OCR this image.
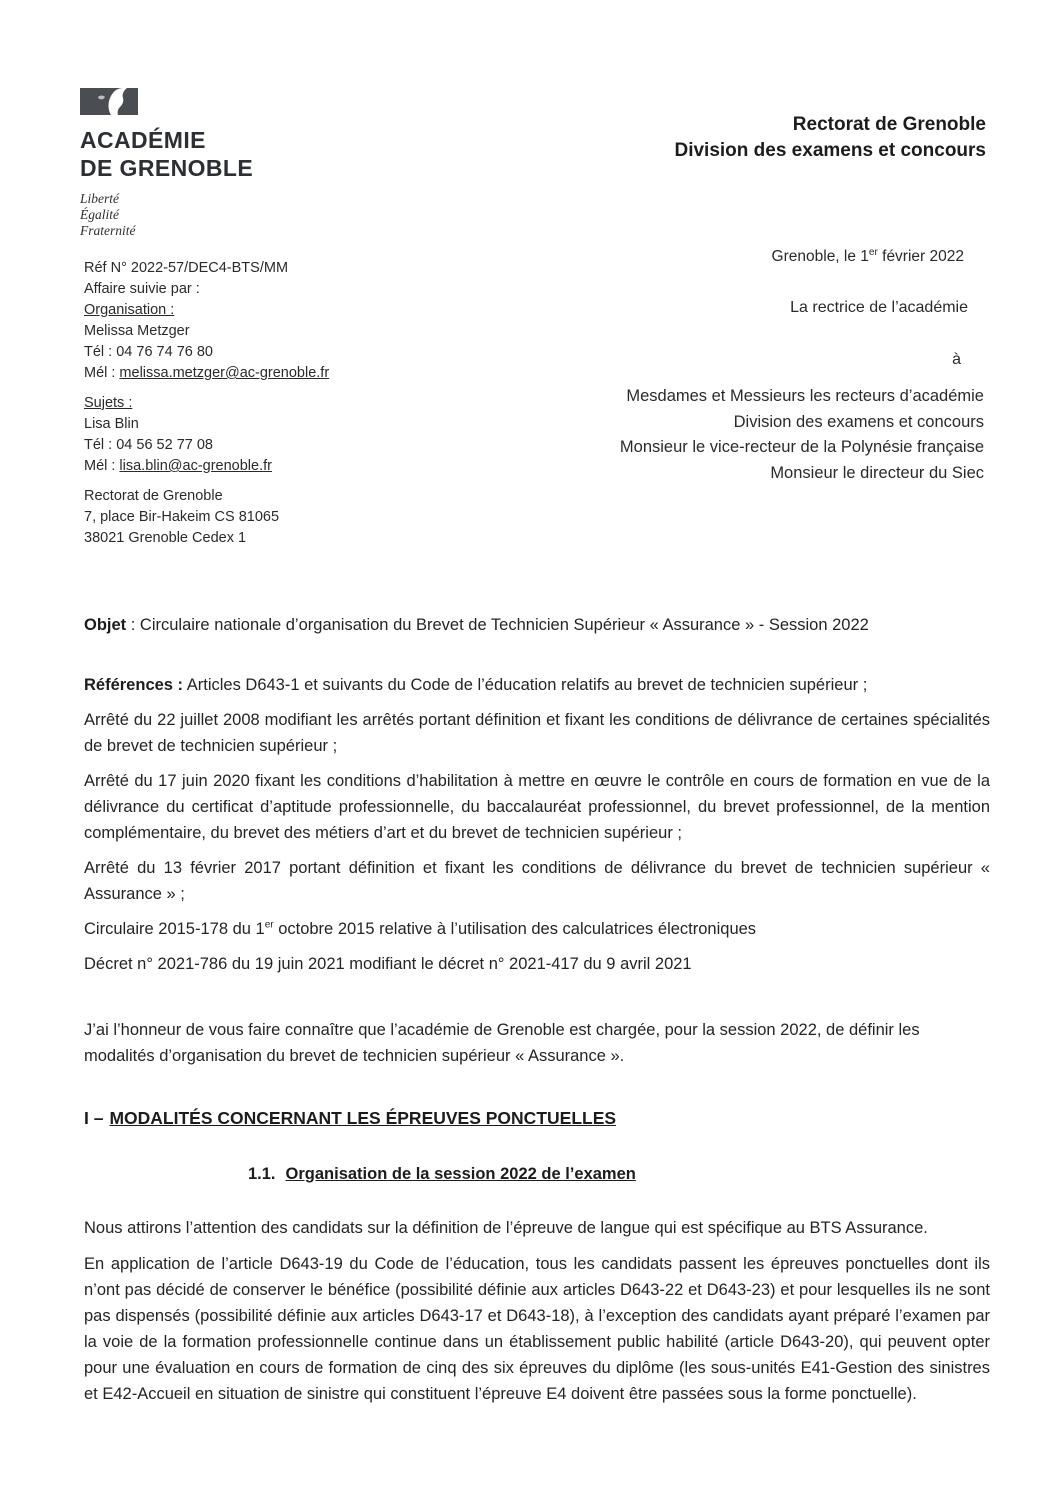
ACADÉMIE
DE GRENOBLE
Liberté
Égalité
Fraternité
Rectorat de Grenoble
Division des examens et concours
Réf N° 2022-57/DEC4-BTS/MM
Affaire suivie par :
Organisation :
Melissa Metzger
Tél : 04 76 74 76 80
Mél : melissa.metzger@ac-grenoble.fr
Sujets :
Lisa Blin
Tél : 04 56 52 77 08
Mél : lisa.blin@ac-grenoble.fr
Rectorat de Grenoble
7, place Bir-Hakeim CS 81065
38021 Grenoble Cedex 1
Grenoble, le 1er février 2022
La rectrice de l’académie
à
Mesdames et Messieurs les recteurs d’académie
Division des examens et concours
Monsieur le vice-recteur de la Polynésie française
Monsieur le directeur du Siec

Objet : Circulaire nationale d’organisation du Brevet de Technicien Supérieur « Assurance » - Session 2022

Références : Articles D643-1 et suivants du Code de l’éducation relatifs au brevet de technicien supérieur ;

Arrêté du 22 juillet 2008 modifiant les arrêtés portant définition et fixant les conditions de délivrance de certaines spécialités de brevet de technicien supérieur ;

Arrêté du 17 juin 2020 fixant les conditions d’habilitation à mettre en œuvre le contrôle en cours de formation en vue de la délivrance du certificat d’aptitude professionnelle, du baccalauréat professionnel, du brevet professionnel, de la mention complémentaire, du brevet des métiers d’art et du brevet de technicien supérieur ;

Arrêté du 13 février 2017 portant définition et fixant les conditions de délivrance du brevet de technicien supérieur « Assurance » ;

Circulaire 2015-178 du 1er octobre 2015 relative à l’utilisation des calculatrices électroniques

Décret n° 2021-786 du 19 juin 2021 modifiant le décret n° 2021-417 du 9 avril 2021

J’ai l’honneur de vous faire connaître que l’académie de Grenoble est chargée, pour la session 2022, de définir les modalités d’organisation du brevet de technicien supérieur « Assurance ».

I – MODALITÉS CONCERNANT LES ÉPREUVES PONCTUELLES
1.1. Organisation de la session 2022 de l’examen

Nous attirons l’attention des candidats sur la définition de l’épreuve de langue qui est spécifique au BTS Assurance.

En application de l’article D643-19 du Code de l’éducation, tous les candidats passent les épreuves ponctuelles dont ils n’ont pas décidé de conserver le bénéfice (possibilité définie aux articles D643-22 et D643-23) et pour lesquelles ils ne sont pas dispensés (possibilité définie aux articles D643-17 et D643-18), à l’exception des candidats ayant préparé l’examen par la voie de la formation professionnelle continue dans un établissement public habilité (article D643-20), qui peuvent opter pour une évaluation en cours de formation de cinq des six épreuves du diplôme (les sous-unités E41-Gestion des sinistres et E42-Accueil en situation de sinistre qui constituent l’épreuve E4 doivent être passées sous la forme ponctuelle).
